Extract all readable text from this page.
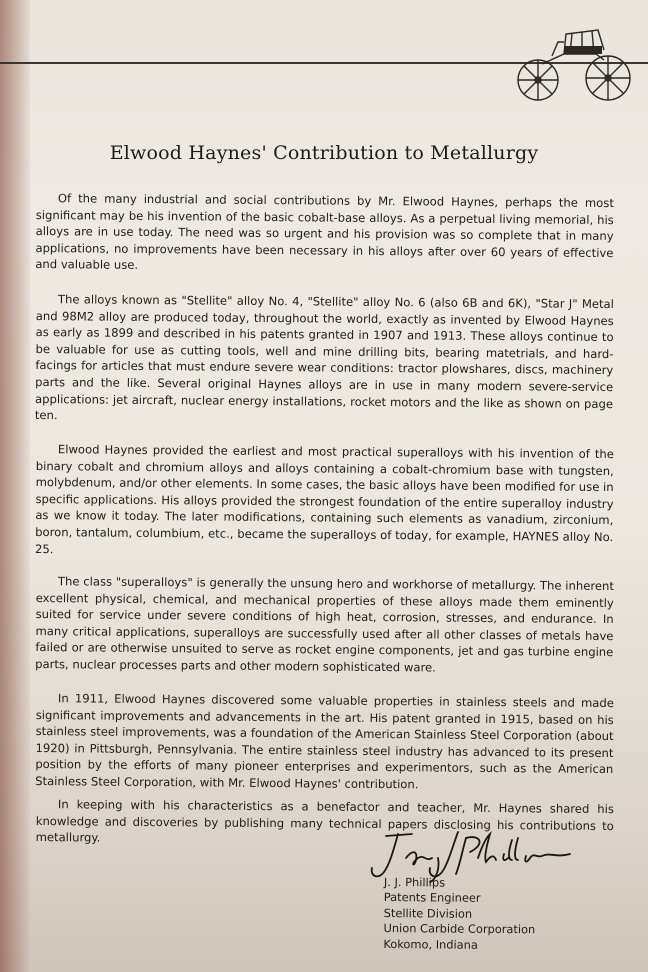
Elwood Haynes' Contribution to Metallurgy

Of the many industrial and social contributions by Mr. Elwood Haynes, perhaps the most significant may be his invention of the basic cobalt-base alloys. As a perpetual living memorial, his alloys are in use today. The need was so urgent and his provision was so complete that in many applications, no improvements have been necessary in his alloys after over 60 years of effective and valuable use.

The alloys known as "Stellite" alloy No. 4, "Stellite" alloy No. 6 (also 6B and 6K), "Star J" Metal and 98M2 alloy are produced today, throughout the world, exactly as invented by Elwood Haynes as early as 1899 and described in his patents granted in 1907 and 1913. These alloys continue to be valuable for use as cutting tools, well and mine drilling bits, bearing matetrials, and hard-facings for articles that must endure severe wear conditions: tractor plowshares, discs, machinery parts and the like. Several original Haynes alloys are in use in many modern severe-service applications: jet aircraft, nuclear energy installations, rocket motors and the like as shown on page ten.

Elwood Haynes provided the earliest and most practical superalloys with his invention of the binary cobalt and chromium alloys and alloys containing a cobalt-chromium base with tungsten, molybdenum, and/or other elements. In some cases, the basic alloys have been modified for use in specific applications. His alloys provided the strongest foundation of the entire superalloy industry as we know it today. The later modifications, containing such elements as vanadium, zirconium, boron, tantalum, columbium, etc., became the superalloys of today, for example, HAYNES alloy No. 25.

The class "superalloys" is generally the unsung hero and workhorse of metallurgy. The inherent excellent physical, chemical, and mechanical properties of these alloys made them eminently suited for service under severe conditions of high heat, corrosion, stresses, and endurance. In many critical applications, superalloys are successfully used after all other classes of metals have failed or are otherwise unsuited to serve as rocket engine components, jet and gas turbine engine parts, nuclear processes parts and other modern sophisticated ware.

In 1911, Elwood Haynes discovered some valuable properties in stainless steels and made significant improvements and advancements in the art. His patent granted in 1915, based on his stainless steel improvements, was a foundation of the American Stainless Steel Corporation (about 1920) in Pittsburgh, Pennsylvania. The entire stainless steel industry has advanced to its present position by the efforts of many pioneer enterprises and experimentors, such as the American Stainless Steel Corporation, with Mr. Elwood Haynes' contribution.

In keeping with his characteristics as a benefactor and teacher, Mr. Haynes shared his knowledge and discoveries by publishing many technical papers disclosing his contributions to metallurgy.

J. J. Phillips
Patents Engineer
Stellite Division
Union Carbide Corporation
Kokomo, Indiana
